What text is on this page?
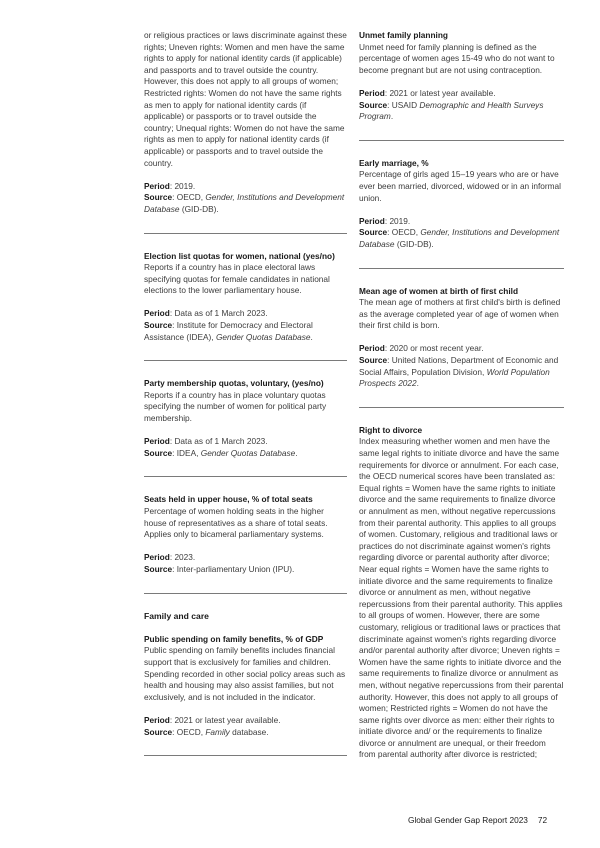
or religious practices or laws discriminate against these rights; Uneven rights: Women and men have the same rights to apply for national identity cards (if applicable) and passports and to travel outside the country. However, this does not apply to all groups of women; Restricted rights: Women do not have the same rights as men to apply for national identity cards (if applicable) or passports or to travel outside the country; Unequal rights: Women do not have the same rights as men to apply for national identity cards (if applicable) or passports and to travel outside the country.

Period: 2019.

Source: OECD, Gender, Institutions and Development Database (GID-DB).

Election list quotas for women, national (yes/no)

Reports if a country has in place electoral laws specifying quotas for female candidates in national elections to the lower parliamentary house.

Period: Data as of 1 March 2023.

Source: Institute for Democracy and Electoral Assistance (IDEA), Gender Quotas Database.

Party membership quotas, voluntary, (yes/no)

Reports if a country has in place voluntary quotas specifying the number of women for political party membership.

Period: Data as of 1 March 2023.

Source: IDEA, Gender Quotas Database.

Seats held in upper house, % of total seats

Percentage of women holding seats in the higher house of representatives as a share of total seats. Applies only to bicameral parliamentary systems.

Period: 2023.

Source: Inter-parliamentary Union (IPU).

Family and care
Public spending on family benefits, % of GDP

Public spending on family benefits includes financial support that is exclusively for families and children. Spending recorded in other social policy areas such as health and housing may also assist families, but not exclusively, and is not included in the indicator.

Period: 2021 or latest year available.

Source: OECD, Family database.

Unmet family planning

Unmet need for family planning is defined as the percentage of women ages 15-49 who do not want to become pregnant but are not using contraception.

Period: 2021 or latest year available.

Source: USAID Demographic and Health Surveys Program.

Early marriage, %

Percentage of girls aged 15–19 years who are or have ever been married, divorced, widowed or in an informal union.

Period: 2019.

Source: OECD, Gender, Institutions and Development Database (GID-DB).

Mean age of women at birth of first child

The mean age of mothers at first child's birth is defined as the average completed year of age of women when their first child is born.

Period: 2020 or most recent year.

Source: United Nations, Department of Economic and Social Affairs, Population Division, World Population Prospects 2022.

Right to divorce

Index measuring whether women and men have the same legal rights to initiate divorce and have the same requirements for divorce or annulment. For each case, the OECD numerical scores have been translated as: Equal rights = Women have the same rights to initiate divorce and the same requirements to finalize divorce or annulment as men, without negative repercussions from their parental authority. This applies to all groups of women. Customary, religious and traditional laws or practices do not discriminate against women's rights regarding divorce or parental authority after divorce; Near equal rights = Women have the same rights to initiate divorce and the same requirements to finalize divorce or annulment as men, without negative repercussions from their parental authority. This applies to all groups of women. However, there are some customary, religious or traditional laws or practices that discriminate against women's rights regarding divorce and/or parental authority after divorce; Uneven rights = Women have the same rights to initiate divorce and the same requirements to finalize divorce or annulment as men, without negative repercussions from their parental authority. However, this does not apply to all groups of women; Restricted rights = Women do not have the same rights over divorce as men: either their rights to initiate divorce and/ or the requirements to finalize divorce or annulment are unequal, or their freedom from parental authority after divorce is restricted;

Global Gender Gap Report 2023 72
